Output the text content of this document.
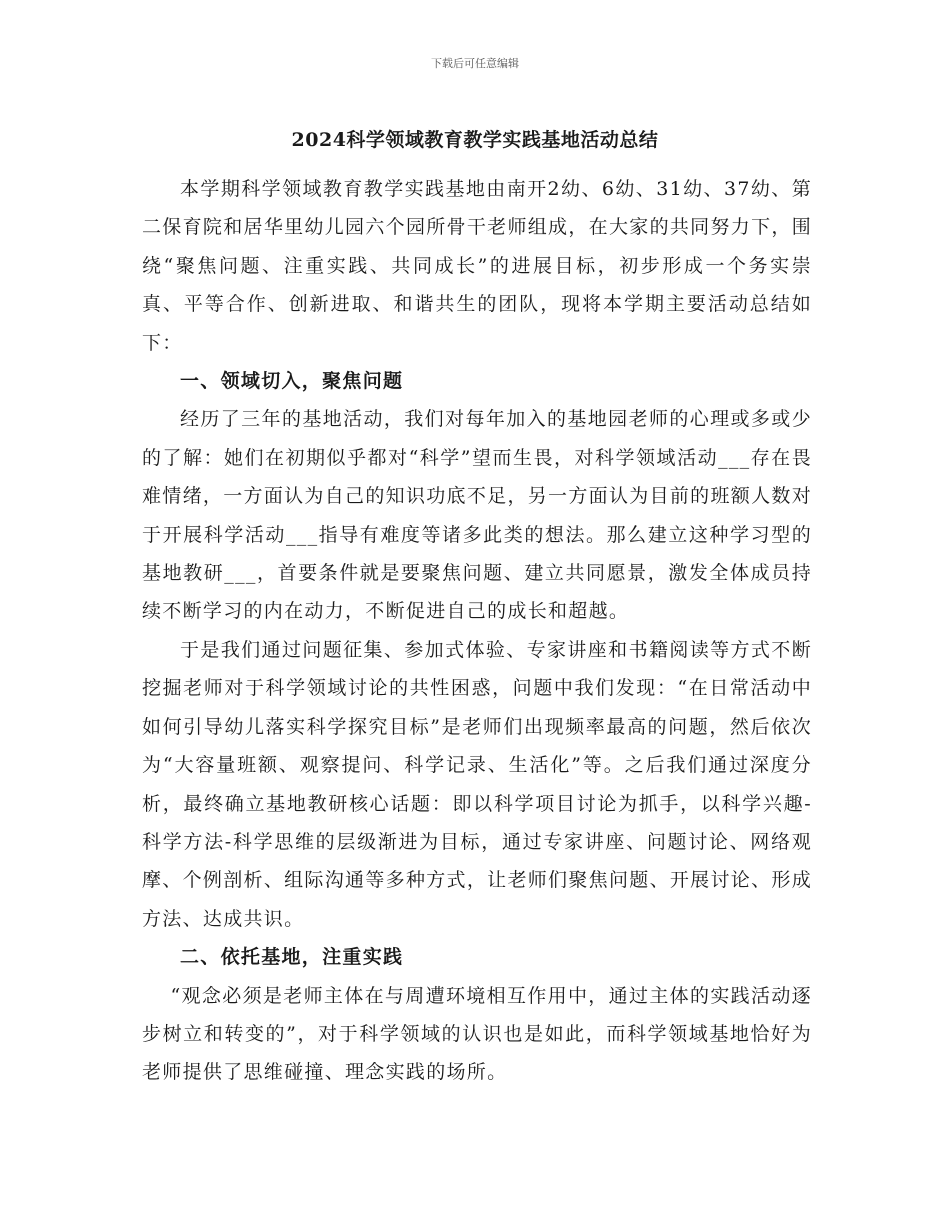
下载后可任意编辑
2024科学领域教育教学实践基地活动总结

本学期科学领域教育教学实践基地由南开2幼、6幼、31幼、37幼、第二保育院和居华里幼儿园六个园所骨干老师组成，在大家的共同努力下，围绕“聚焦问题、注重实践、共同成长”的进展目标，初步形成一个务实崇真、平等合作、创新进取、和谐共生的团队，现将本学期主要活动总结如下：

一、领域切入，聚焦问题

经历了三年的基地活动，我们对每年加入的基地园老师的心理或多或少的了解：她们在初期似乎都对“科学”望而生畏，对科学领域活动___存在畏难情绪，一方面认为自己的知识功底不足，另一方面认为目前的班额人数对于开展科学活动___指导有难度等诸多此类的想法。那么建立这种学习型的基地教研___，首要条件就是要聚焦问题、建立共同愿景，激发全体成员持续不断学习的内在动力，不断促进自己的成长和超越。

于是我们通过问题征集、参加式体验、专家讲座和书籍阅读等方式不断挖掘老师对于科学领域讨论的共性困惑，问题中我们发现：“在日常活动中如何引导幼儿落实科学探究目标”是老师们出现频率最高的问题，然后依次为“大容量班额、观察提问、科学记录、生活化”等。之后我们通过深度分析，最终确立基地教研核心话题：即以科学项目讨论为抓手，以科学兴趣-科学方法-科学思维的层级渐进为目标，通过专家讲座、问题讨论、网络观摩、个例剖析、组际沟通等多种方式，让老师们聚焦问题、开展讨论、形成方法、达成共识。

二、依托基地，注重实践

“观念必须是老师主体在与周遭环境相互作用中，通过主体的实践活动逐步树立和转变的”，对于科学领域的认识也是如此，而科学领域基地恰好为老师提供了思维碰撞、理念实践的场所。
